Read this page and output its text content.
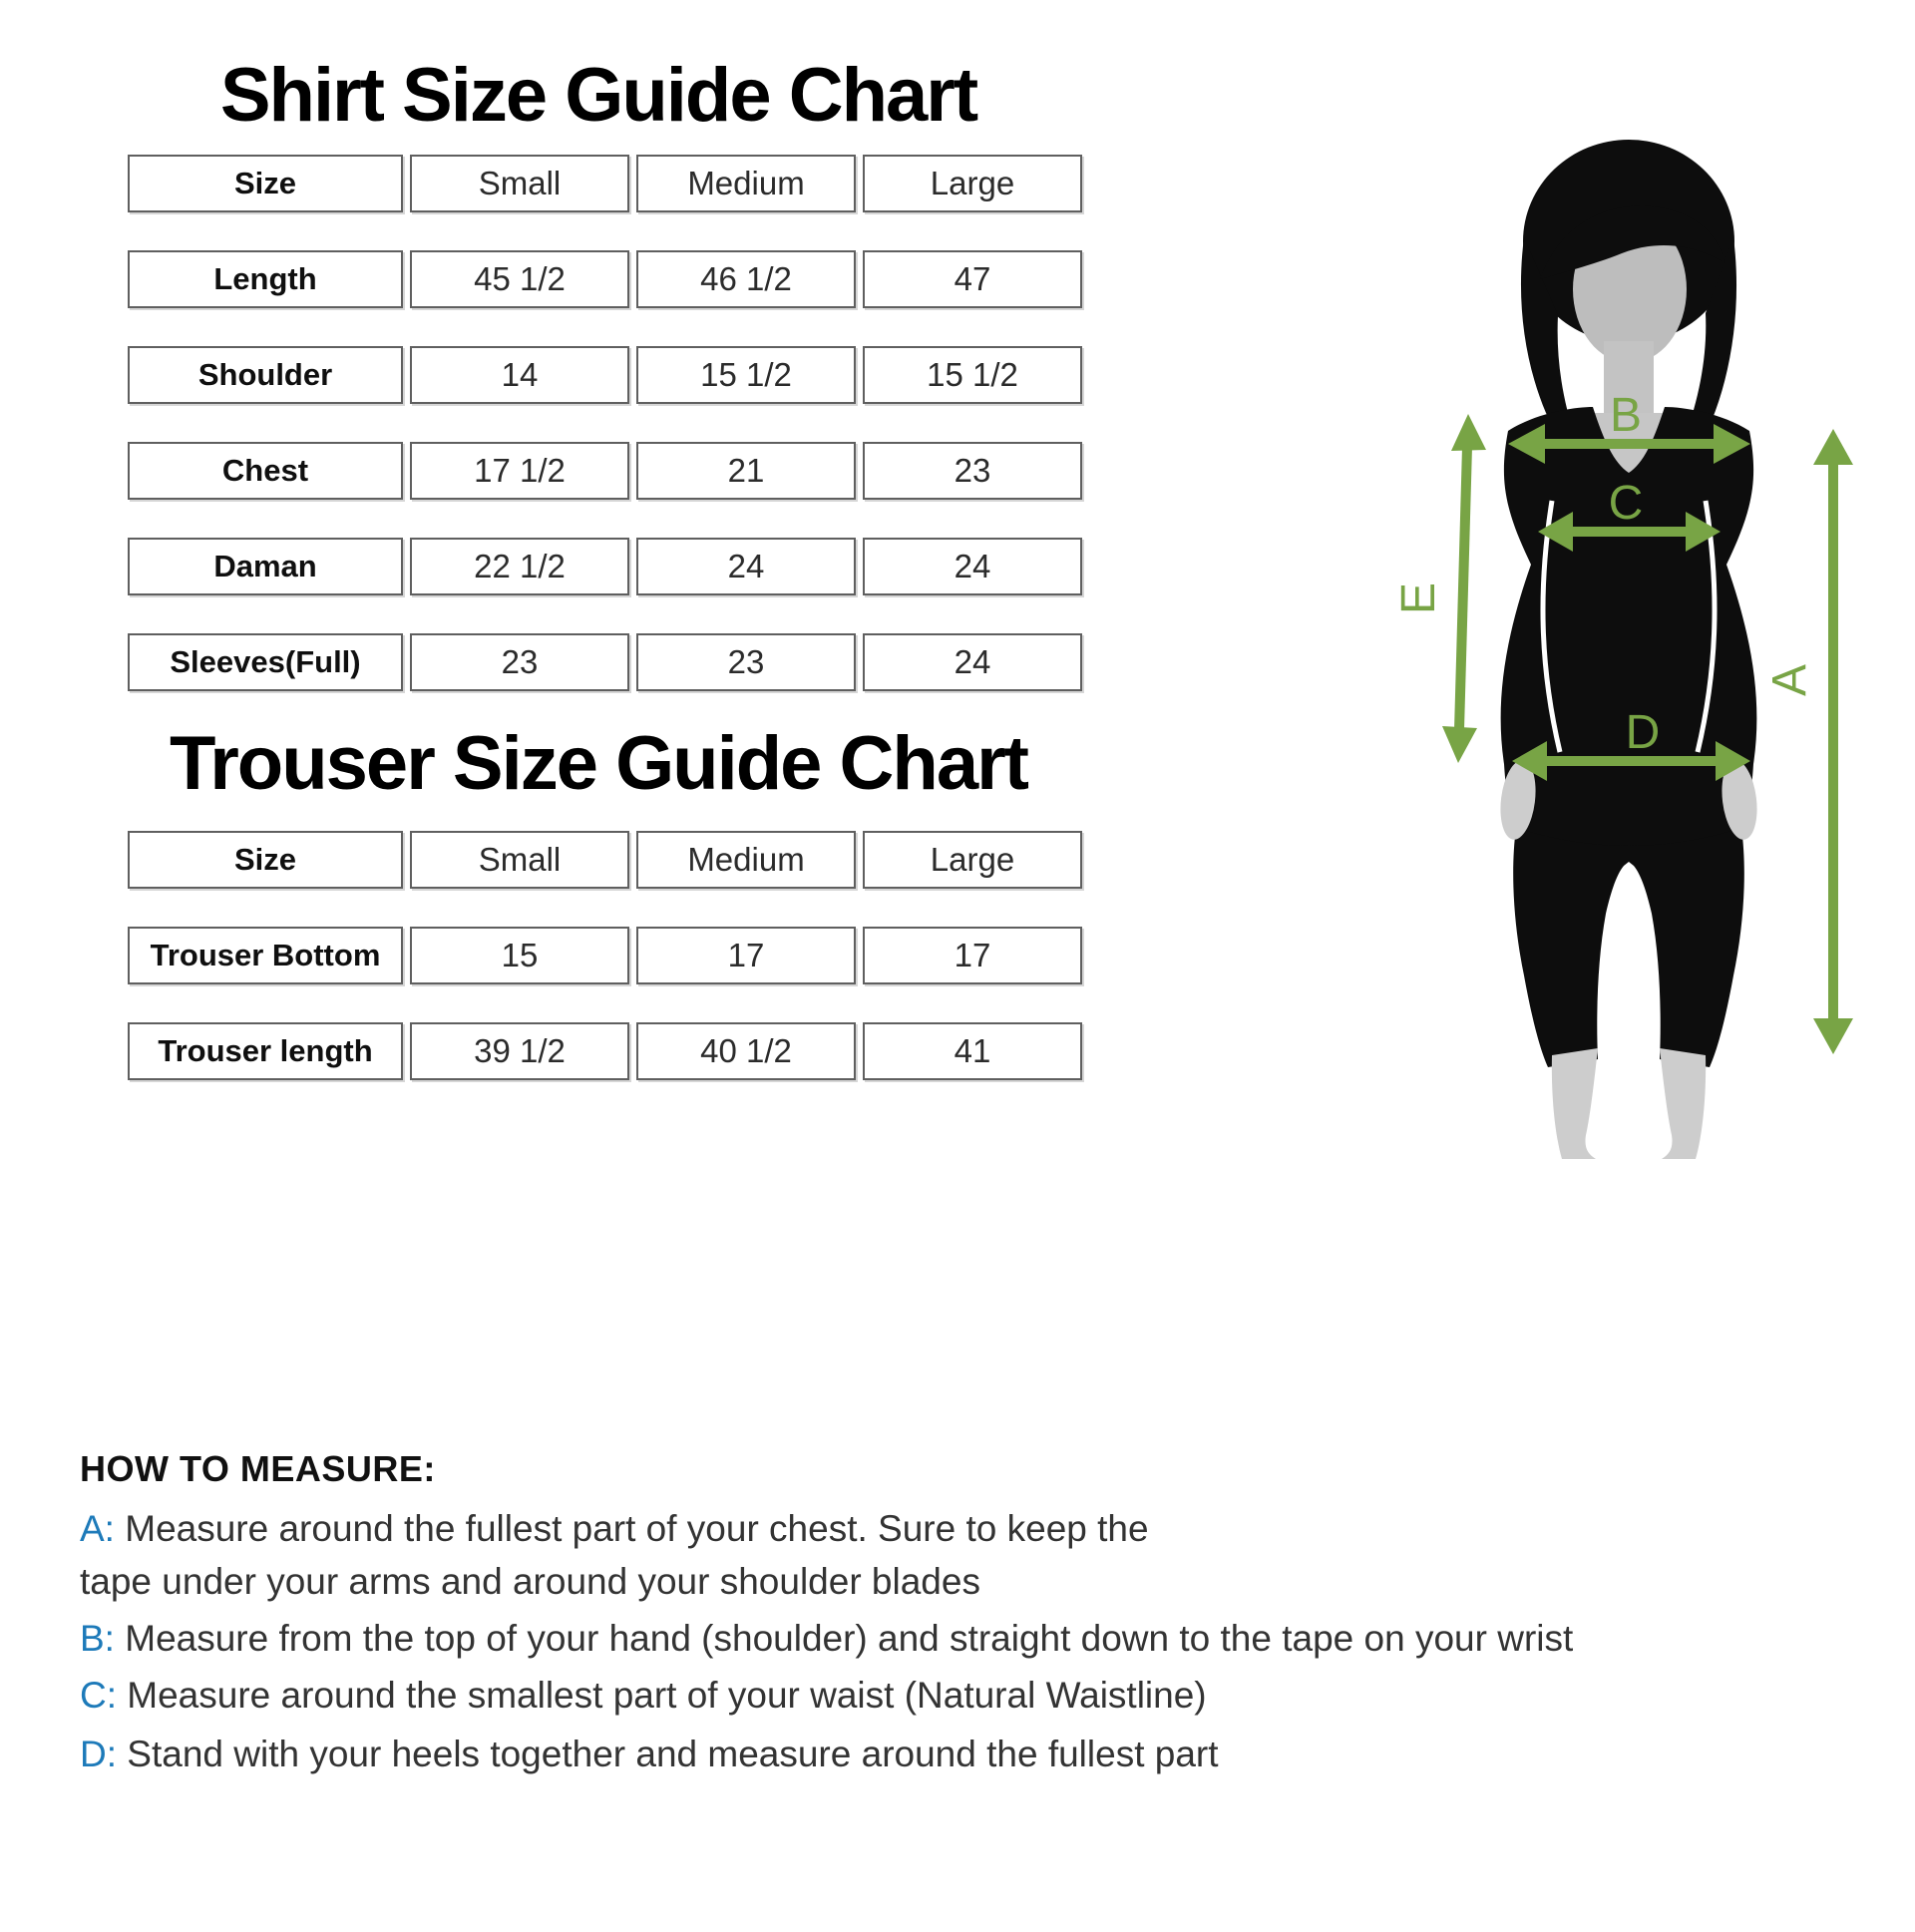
Shirt Size Guide Chart
Size	Small	Medium	Large
Length	45 1/2	46 1/2	47
Shoulder	14	15 1/2	15 1/2
Chest	17 1/2	21	23
Daman	22 1/2	24	24
Sleeves(Full)	23	23	24
Trouser Size Guide Chart
Size	Small	Medium	Large
Trouser Bottom	15	17	17
Trouser length	39 1/2	40 1/2	41
B
C
D
E
A
HOW TO MEASURE:
A: Measure around the fullest part of your chest. Sure to keep the
tape under your arms and around your shoulder blades
B: Measure from the top of your hand (shoulder) and straight down to the tape on your wrist
C: Measure around the smallest part of your waist (Natural Waistline)
D: Stand with your heels together and measure around the fullest part
